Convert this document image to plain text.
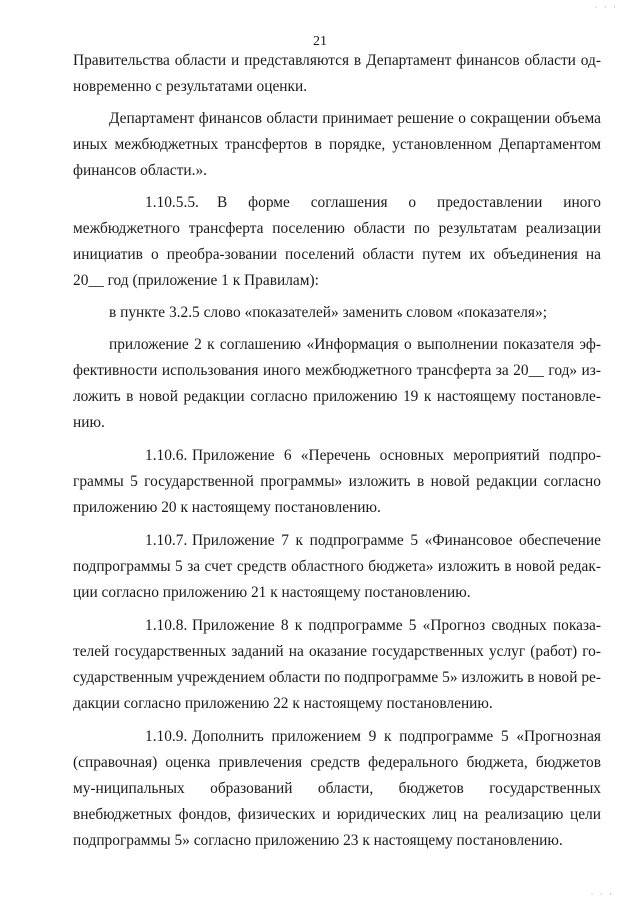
· · ·
21

Правительства области и представляются в Департамент финансов области од-новременно с результатами оценки.

Департамент финансов области принимает решение о сокращении объема иных межбюджетных трансфертов в порядке, установленном Департаментом финансов области.».

1.10.5.5. В форме соглашения о предоставлении иного межбюджетного трансферта поселению области по результатам реализации инициатив о преобра-зовании поселений области путем их объединения на 20__ год (приложение 1 к Правилам):

в пункте 3.2.5 слово «показателей» заменить словом «показателя»;

приложение 2 к соглашению «Информация о выполнении показателя эф-фективности использования иного межбюджетного трансферта за 20__ год» из-ложить в новой редакции согласно приложению 19 к настоящему постановле-нию.

1.10.6. Приложение 6 «Перечень основных мероприятий подпро-граммы 5 государственной программы» изложить в новой редакции согласно приложению 20 к настоящему постановлению.

1.10.7. Приложение 7 к подпрограмме 5 «Финансовое обеспечение подпрограммы 5 за счет средств областного бюджета» изложить в новой редак-ции согласно приложению 21 к настоящему постановлению.

1.10.8. Приложение 8 к подпрограмме 5 «Прогноз сводных показа-телей государственных заданий на оказание государственных услуг (работ) го-сударственным учреждением области по подпрограмме 5» изложить в новой ре-дакции согласно приложению 22 к настоящему постановлению.

1.10.9. Дополнить приложением 9 к подпрограмме 5 «Прогнозная (справочная) оценка привлечения средств федерального бюджета, бюджетов му-ниципальных образований области, бюджетов государственных внебюджетных фондов, физических и юридических лиц на реализацию цели подпрограммы 5» согласно приложению 23 к настоящему постановлению.

· · ·
